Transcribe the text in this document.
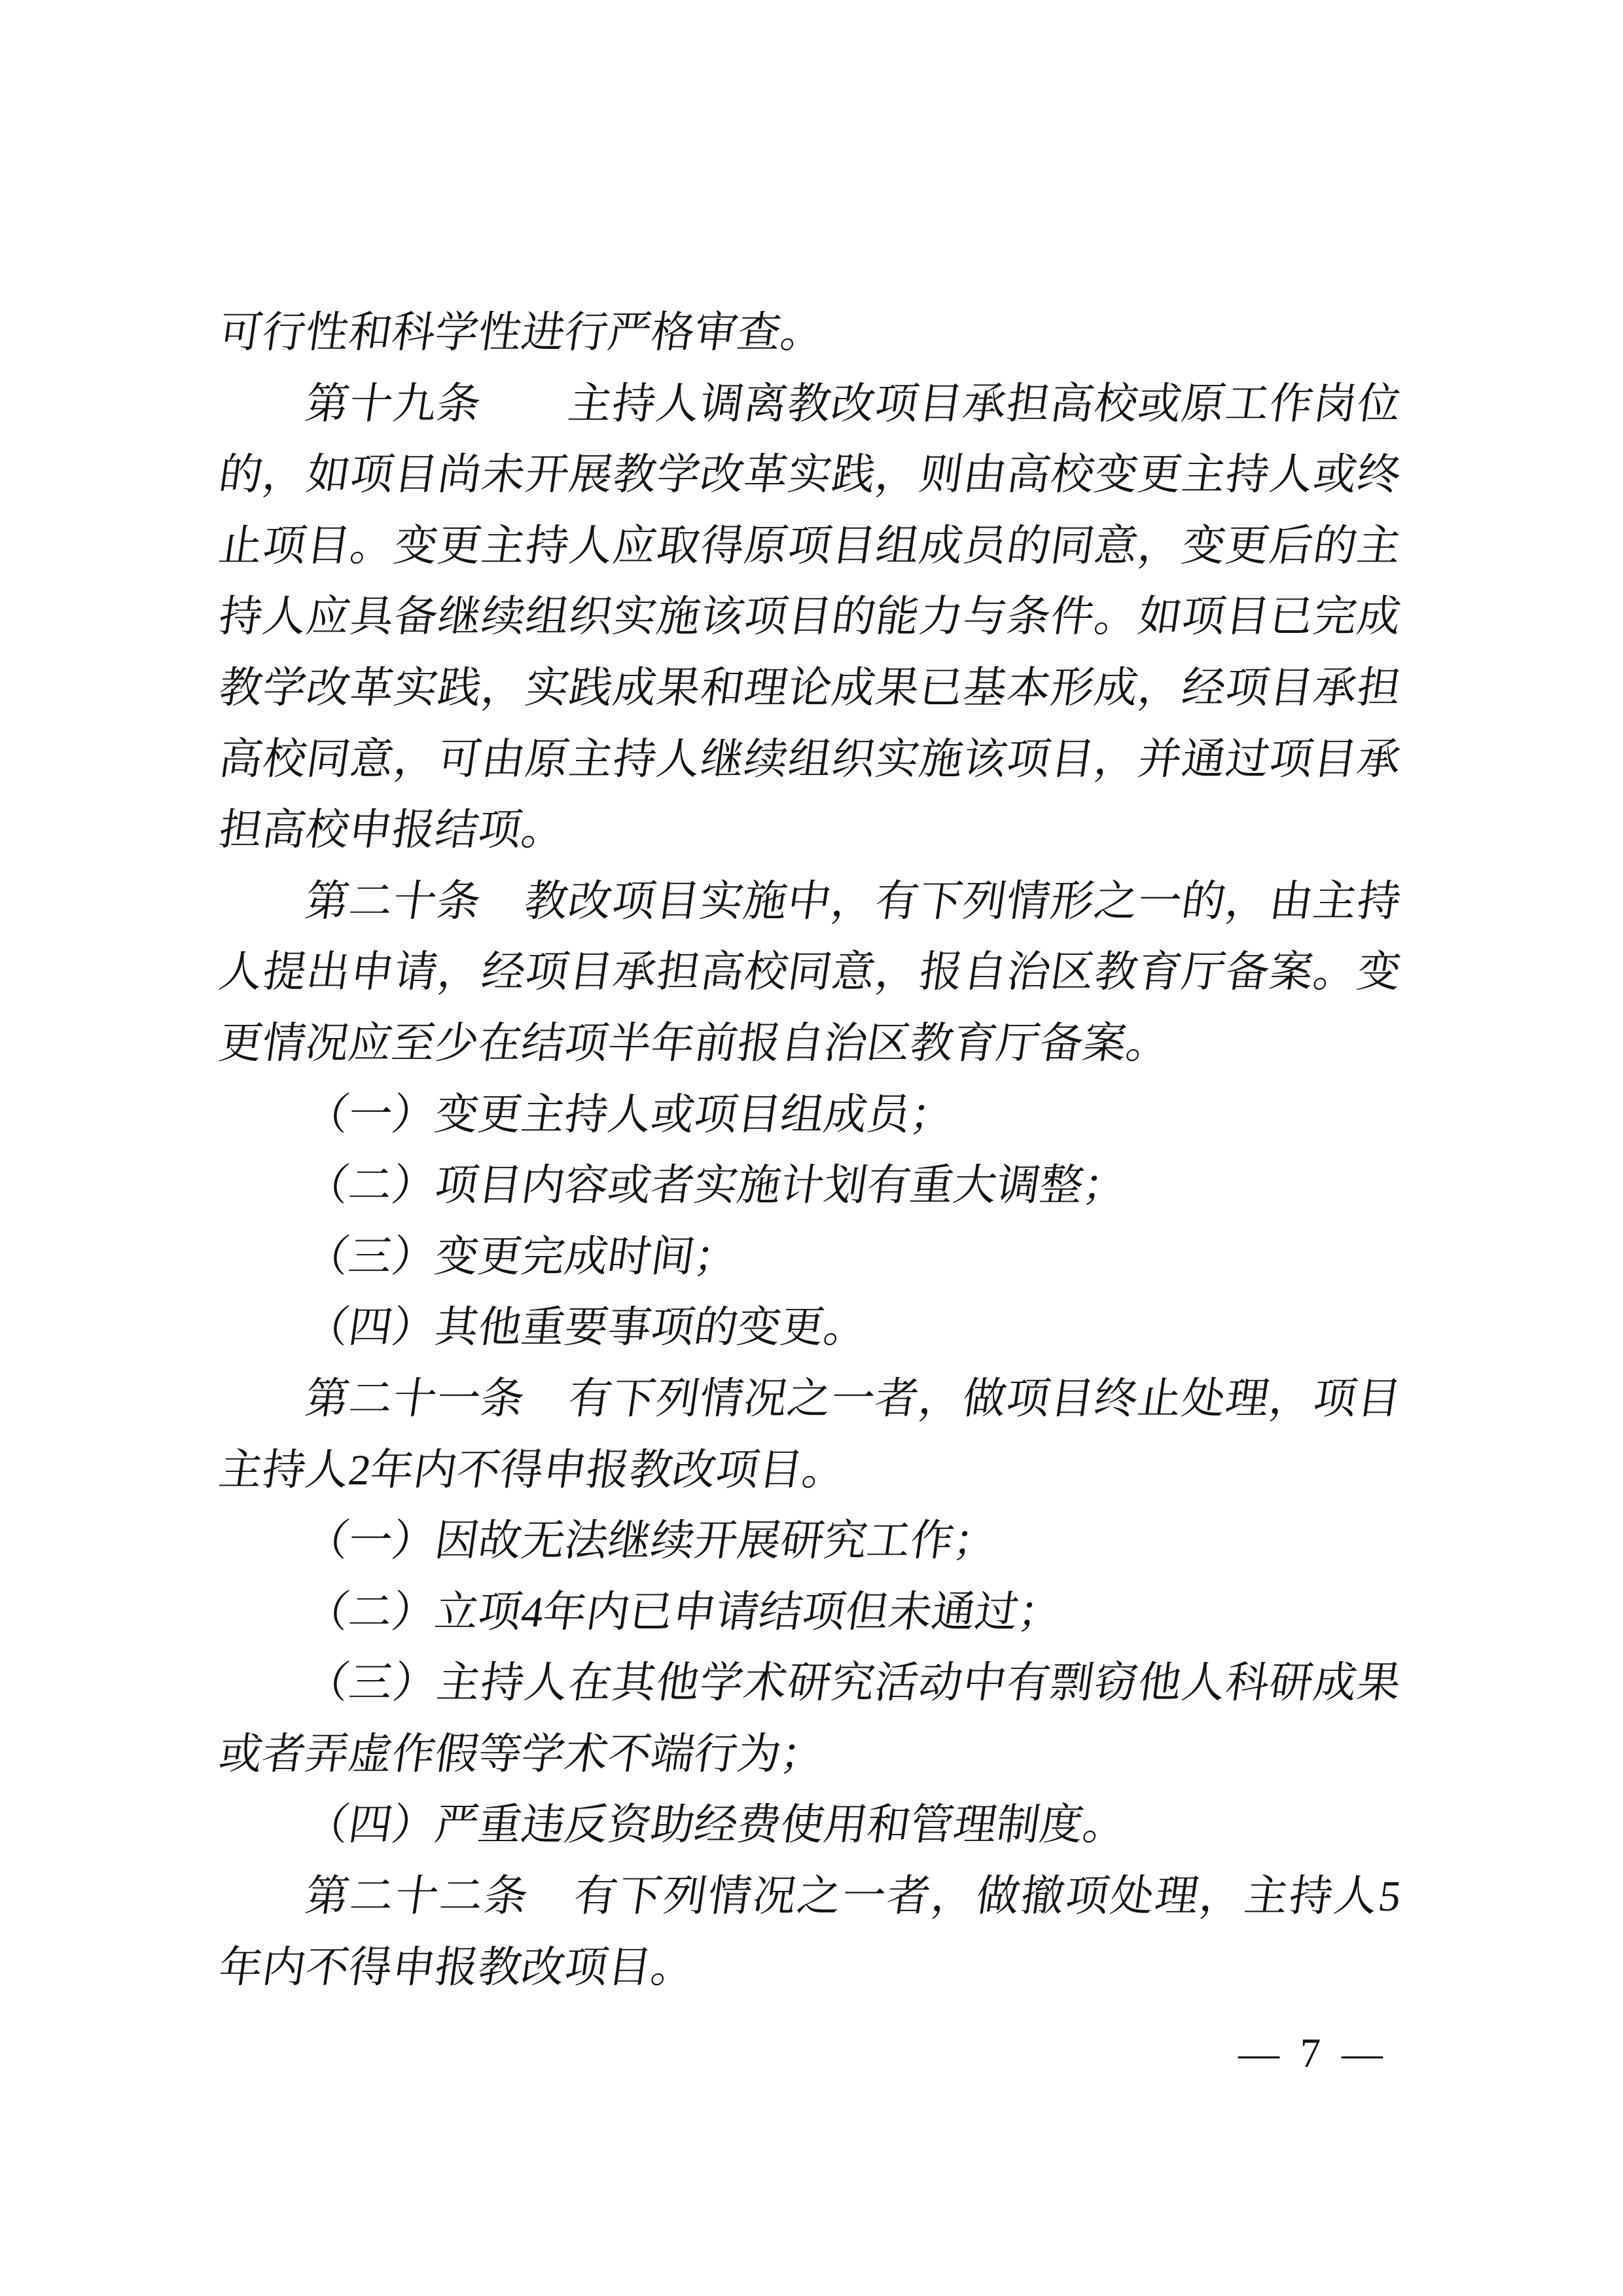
可行性和科学性进行严格审查。
第十九条　　主持人调离教改项目承担高校或原工作岗位
的，如项目尚未开展教学改革实践，则由高校变更主持人或终
止项目。变更主持人应取得原项目组成员的同意，变更后的主
持人应具备继续组织实施该项目的能力与条件。如项目已完成
教学改革实践，实践成果和理论成果已基本形成，经项目承担
高校同意，可由原主持人继续组织实施该项目，并通过项目承
担高校申报结项。
第二十条　教改项目实施中，有下列情形之一的，由主持
人提出申请，经项目承担高校同意，报自治区教育厅备案。变
更情况应至少在结项半年前报自治区教育厅备案。
（一）变更主持人或项目组成员；
（二）项目内容或者实施计划有重大调整；
（三）变更完成时间；
（四）其他重要事项的变更。
第二十一条　有下列情况之一者，做项目终止处理，项目
主持人2年内不得申报教改项目。
（一）因故无法继续开展研究工作；
（二）立项4年内已申请结项但未通过；
（三）主持人在其他学术研究活动中有剽窃他人科研成果
或者弄虚作假等学术不端行为；
（四）严重违反资助经费使用和管理制度。
第二十二条　有下列情况之一者，做撤项处理，主持人5
年内不得申报教改项目。
— 7 —
